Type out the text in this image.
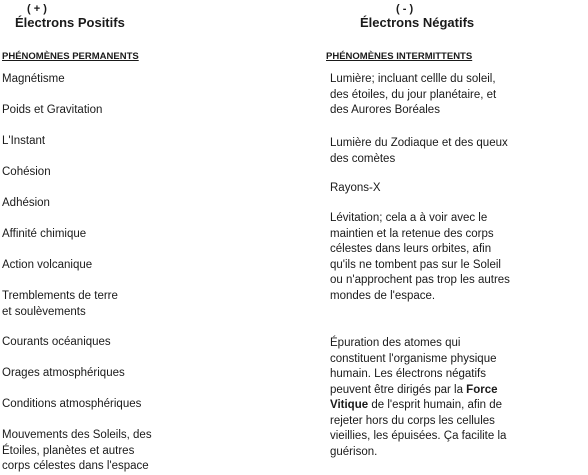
( + )
Électrons Positifs
PHÉNOMÈNES PERMANENTS
Magnétisme
Poids et Gravitation
L'Instant
Cohésion
Adhésion
Affinité chimique
Action volcanique
Tremblements de terre
et soulèvements
Courants océaniques
Orages atmosphériques
Conditions atmosphériques
Mouvements des Soleils, des
Étoiles, planètes et autres
corps célestes dans l'espace
( - )
Électrons Négatifs
PHÉNOMÈNES INTERMITTENTS
Lumière; incluant cellle du soleil,
des étoiles, du jour planétaire, et
des Aurores Boréales
Lumière du Zodiaque et des queux
des comètes
Rayons-X
Lévitation; cela a à voir avec le
maintien et la retenue des corps
célestes dans leurs orbites, afin
qu'ils ne tombent pas sur le Soleil
ou n'approchent pas trop les autres
mondes de l'espace.
Épuration des atomes qui
constituent l'organisme physique
humain. Les électrons négatifs
peuvent être dirigés par la Force
Vitique de l'esprit humain, afin de
rejeter hors du corps les cellules
vieillies, les épuisées. Ça facilite la
guérison.
